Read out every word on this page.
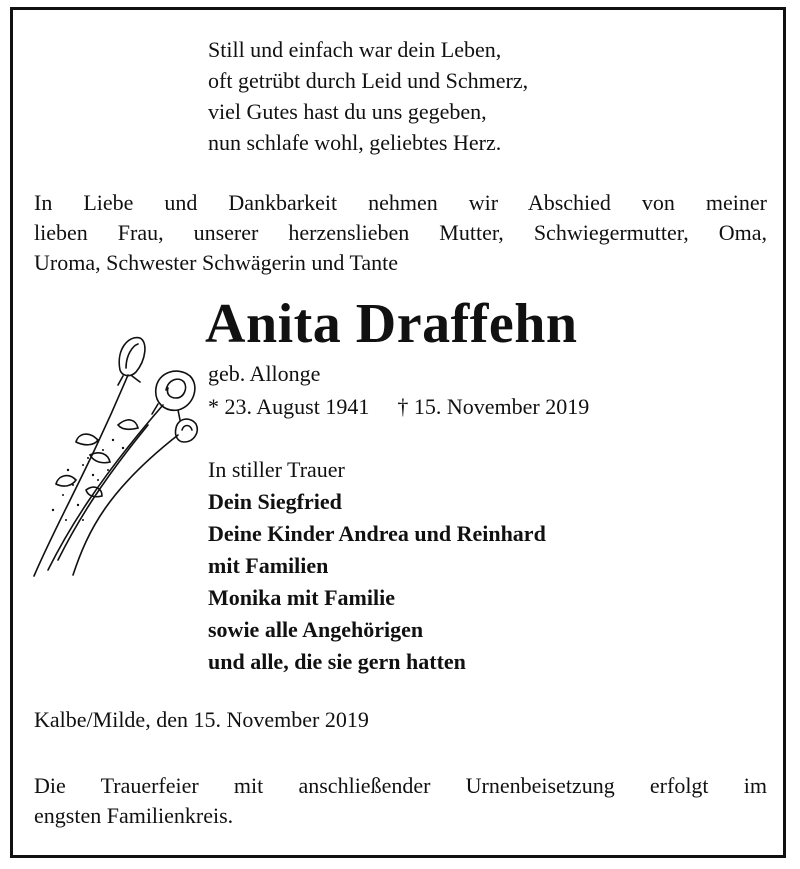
Still und einfach war dein Leben,
oft getrübt durch Leid und Schmerz,
viel Gutes hast du uns gegeben,
nun schlafe wohl, geliebtes Herz.
In Liebe und Dankbarkeit nehmen wir Abschied von meiner
lieben Frau, unserer herzenslieben Mutter, Schwiegermutter, Oma,
Uroma, Schwester Schwägerin und Tante
Anita Draffehn
geb. Allonge
* 23. August 1941 † 15. November 2019
In stiller Trauer
Dein Siegfried
Deine Kinder Andrea und Reinhard
mit Familien
Monika mit Familie
sowie alle Angehörigen
und alle, die sie gern hatten
Kalbe/Milde, den 15. November 2019
Die Trauerfeier mit anschließender Urnenbeisetzung erfolgt im
engsten Familienkreis.
